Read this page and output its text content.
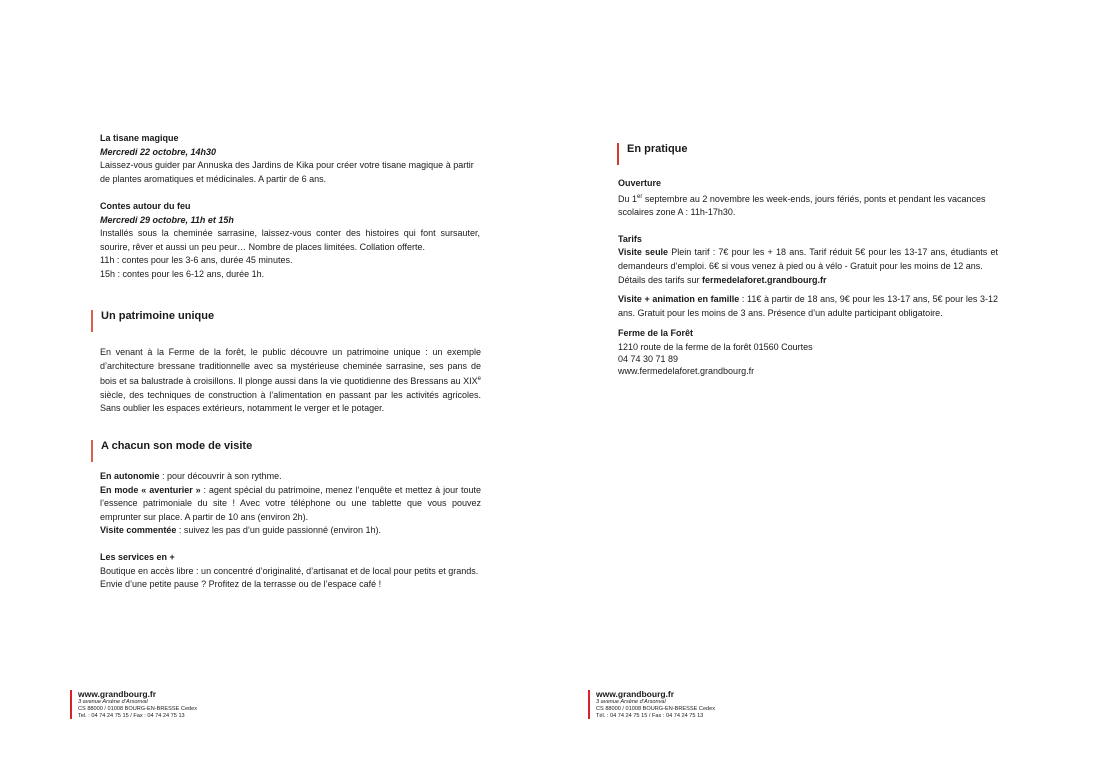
La tisane magique

Mercredi 22 octobre, 14h30

Laissez-vous guider par Annuska des Jardins de Kika pour créer votre tisane magique à partir de plantes aromatiques et médicinales. A partir de 6 ans.

Contes autour du feu

Mercredi 29 octobre, 11h et 15h

Installés sous la cheminée sarrasine, laissez-vous conter des histoires qui font sursauter, sourire, rêver et aussi un peu peur… Nombre de places limitées. Collation offerte.

11h : contes pour les 3-6 ans, durée 45 minutes.

15h : contes pour les 6-12 ans, durée 1h.

Un patrimoine unique

En venant à la Ferme de la forêt, le public découvre un patrimoine unique : un exemple d’architecture bressane traditionnelle avec sa mystérieuse cheminée sarrasine, ses pans de bois et sa balustrade à croisillons. Il plonge aussi dans la vie quotidienne des Bressans au XIXe siècle, des techniques de construction à l’alimentation en passant par les activités agricoles. Sans oublier les espaces extérieurs, notamment le verger et le potager.

A chacun son mode de visite

En autonomie : pour découvrir à son rythme.

En mode « aventurier » : agent spécial du patrimoine, menez l’enquête et mettez à jour toute l’essence patrimoniale du site ! Avec votre téléphone ou une tablette que vous pouvez emprunter sur place. A partir de 10 ans (environ 2h).

Visite commentée : suivez les pas d’un guide passionné (environ 1h).

Les services en +

Boutique en accès libre : un concentré d’originalité, d’artisanat et de local pour petits et grands.

Envie d’une petite pause ? Profitez de la terrasse ou de l’espace café !

www.grandbourg.fr
3 avenue Arsène d’Arsonval
CS 88000 / 01008 BOURG-EN-BRESSE Cedex
Tel. : 04 74 24 75 15 / Fax : 04 74 24 75 13
En pratique

Ouverture

Du 1er septembre au 2 novembre les week-ends, jours fériés, ponts et pendant les vacances scolaires zone A : 11h-17h30.

Tarifs

Visite seule Plein tarif : 7€ pour les + 18 ans. Tarif réduit 5€ pour les 13-17 ans, étudiants et demandeurs d’emploi. 6€ si vous venez à pied ou à vélo - Gratuit pour les moins de 12 ans.

Détails des tarifs sur fermedelaforet.grandbourg.fr

Visite + animation en famille : 11€ à partir de 18 ans, 9€ pour les 13-17 ans, 5€ pour les 3-12 ans. Gratuit pour les moins de 3 ans. Présence d’un adulte participant obligatoire.

Ferme de la Forêt

1210 route de la ferme de la forêt 01560 Courtes

04 74 30 71 89

www.fermedelaforet.grandbourg.fr

www.grandbourg.fr
3 avenue Arsène d’Arsonval
CS 88000 / 01008 BOURG-EN-BRESSE Cedex
Tél. : 04 74 24 75 15 / Fax : 04 74 24 75 13
